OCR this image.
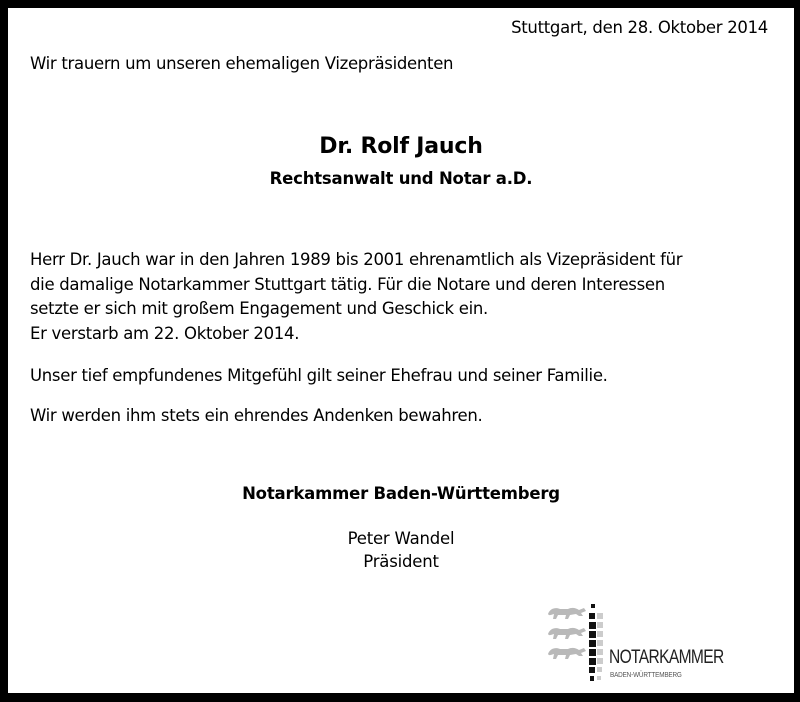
Stuttgart, den 28. Oktober 2014
Wir trauern um unseren ehemaligen Vizepräsidenten
Dr. Rolf Jauch
Rechtsanwalt und Notar a.D.
Herr Dr. Jauch war in den Jahren 1989 bis 2001 ehrenamtlich als Vizepräsident für
die damalige Notarkammer Stuttgart tätig. Für die Notare und deren Interessen
setzte er sich mit großem Engagement und Geschick ein.
Er verstarb am 22. Oktober 2014.
Unser tief empfundenes Mitgefühl gilt seiner Ehefrau und seiner Familie.
Wir werden ihm stets ein ehrendes Andenken bewahren.
Notarkammer Baden-Württemberg
Peter Wandel
Präsident
NOTARKAMMER
BADEN-WÜRTTEMBERG
